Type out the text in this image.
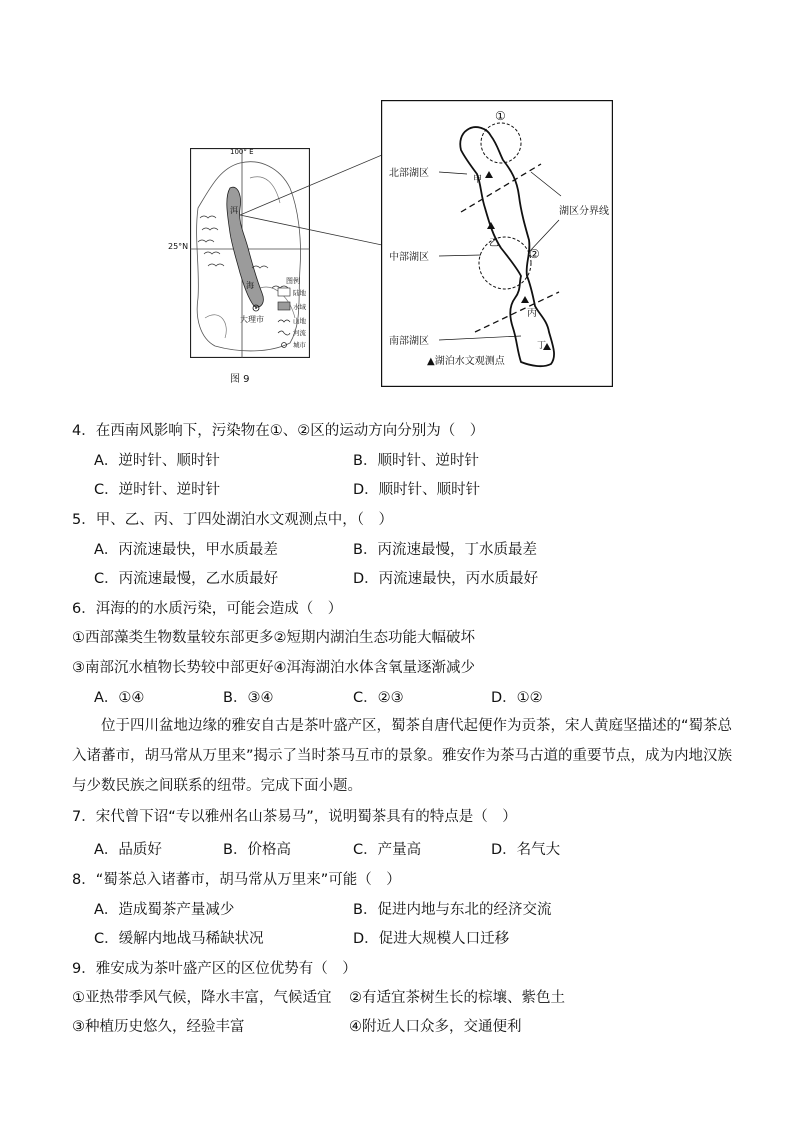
100° E
洱
海
大理市
图例
陆地
水域
山地
河流
城市
25°N
图 9
①
②
北部湖区
中部湖区
南部湖区
湖区分界线
甲
乙
丙
丁
▲湖泊水文观测点
4．在西南风影响下，污染物在①、②区的运动方向分别为（　）
A．逆时针、顺时针	B．顺时针、逆时针
C．逆时针、逆时针	D．顺时针、顺时针
5．甲、乙、丙、丁四处湖泊水文观测点中，（　）
A．丙流速最快，甲水质最差	B．丙流速最慢，丁水质最差
C．丙流速最慢，乙水质最好	D．丙流速最快，丙水质最好
6．洱海的的水质污染，可能会造成（　）
①西部藻类生物数量较东部更多②短期内湖泊生态功能大幅破坏
③南部沉水植物长势较中部更好④洱海湖泊水体含氧量逐渐减少
A．①④	B．③④	C．②③	D．①②

位于四川盆地边缘的雅安自古是茶叶盛产区，蜀茶自唐代起便作为贡茶，宋人黄庭坚描述的“蜀茶总入诸蕃市，胡马常从万里来”揭示了当时茶马互市的景象。雅安作为茶马古道的重要节点，成为内地汉族与少数民族之间联系的纽带。完成下面小题。

7．宋代曾下诏“专以雅州名山茶易马”，说明蜀茶具有的特点是（　）
A．品质好	B．价格高	C．产量高	D．名气大
8．“蜀茶总入诸蕃市，胡马常从万里来”可能（　）
A．造成蜀茶产量减少	B．促进内地与东北的经济交流
C．缓解内地战马稀缺状况	D．促进大规模人口迁移
9．雅安成为茶叶盛产区的区位优势有（　）
①亚热带季风气候，降水丰富，气候适宜 ②有适宜茶树生长的棕壤、紫色土
③种植历史悠久，经验丰富	④附近人口众多，交通便利
